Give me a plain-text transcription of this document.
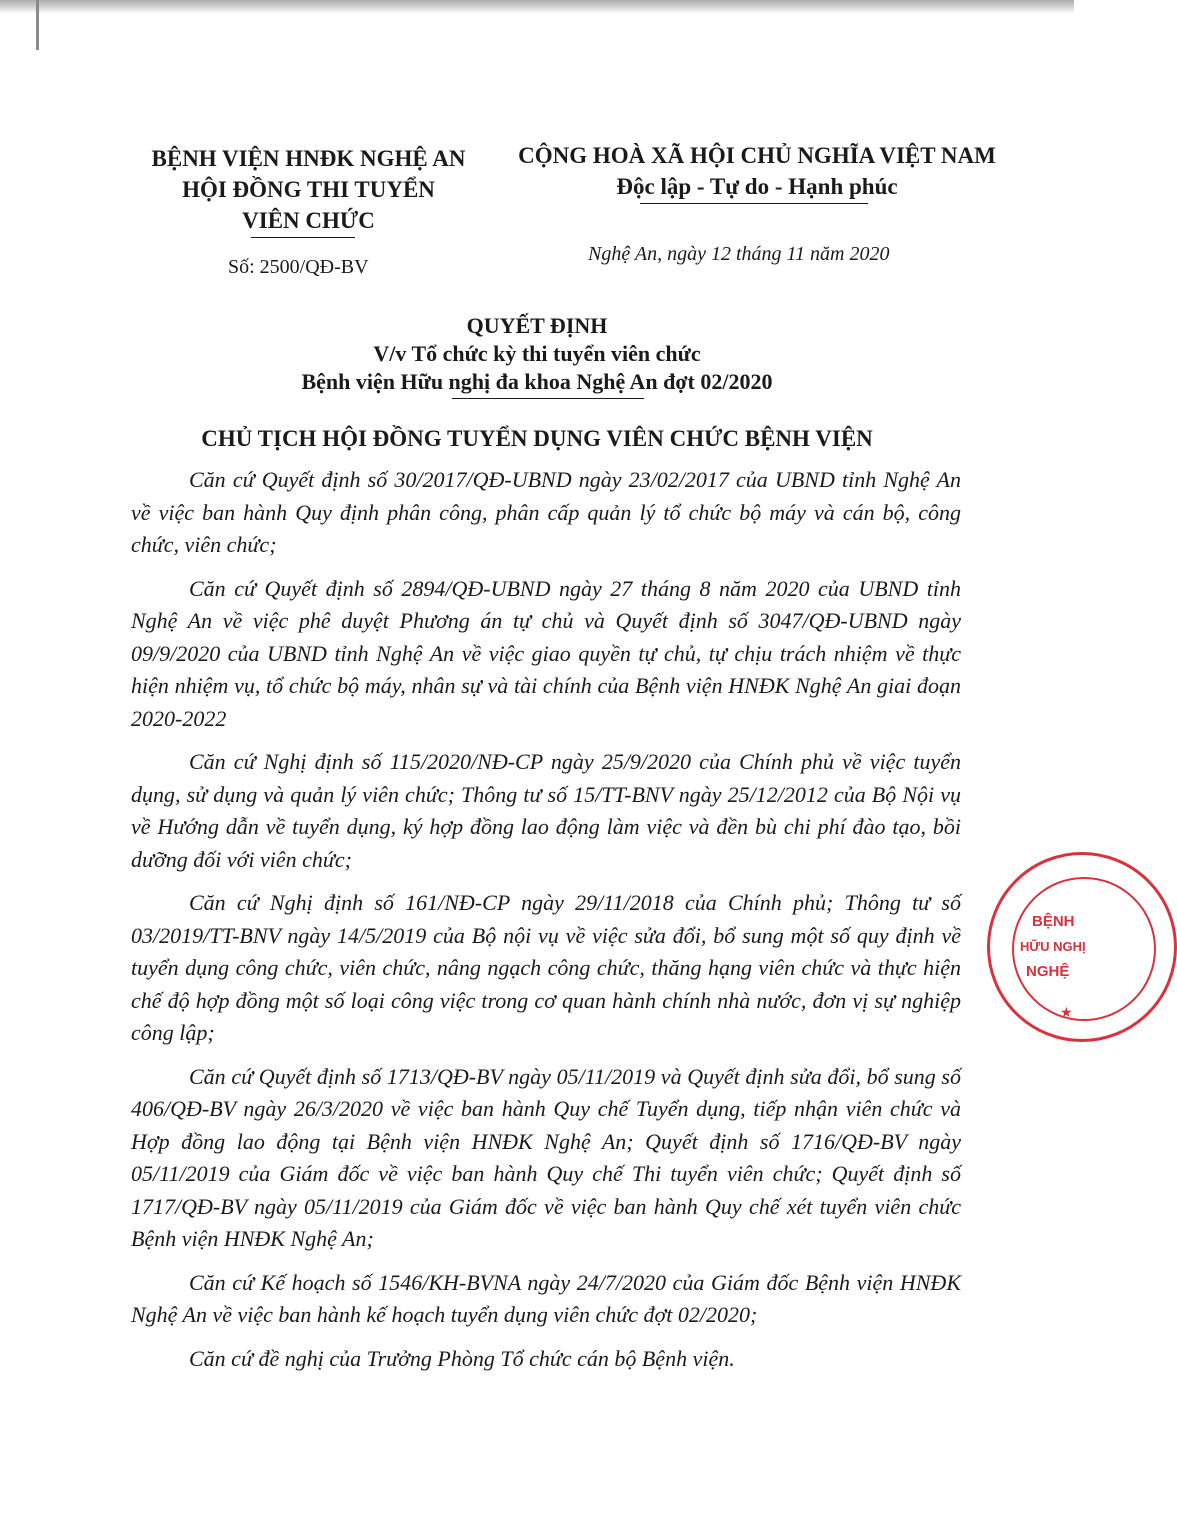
BỆNH VIỆN HNĐK NGHỆ AN
HỘI ĐỒNG THI TUYỂN
VIÊN CHỨC
CỘNG HOÀ XÃ HỘI CHỦ NGHĨA VIỆT NAM
Độc lập - Tự do - Hạnh phúc
Số: 2500/QĐ-BV
Nghệ An, ngày 12 tháng 11 năm 2020
QUYẾT ĐỊNH
V/v Tổ chức kỳ thi tuyển viên chức
Bệnh viện Hữu nghị đa khoa Nghệ An đợt 02/2020
CHỦ TỊCH HỘI ĐỒNG TUYỂN DỤNG VIÊN CHỨC BỆNH VIỆN

Căn cứ Quyết định số 30/2017/QĐ-UBND ngày 23/02/2017 của UBND tỉnh Nghệ An về việc ban hành Quy định phân công, phân cấp quản lý tổ chức bộ máy và cán bộ, công chức, viên chức;

Căn cứ Quyết định số 2894/QĐ-UBND ngày 27 tháng 8 năm 2020 của UBND tỉnh Nghệ An về việc phê duyệt Phương án tự chủ và Quyết định số 3047/QĐ-UBND ngày 09/9/2020 của UBND tỉnh Nghệ An về việc giao quyền tự chủ, tự chịu trách nhiệm về thực hiện nhiệm vụ, tổ chức bộ máy, nhân sự và tài chính của Bệnh viện HNĐK Nghệ An giai đoạn 2020-2022

Căn cứ Nghị định số 115/2020/NĐ-CP ngày 25/9/2020 của Chính phủ về việc tuyển dụng, sử dụng và quản lý viên chức; Thông tư số 15/TT-BNV ngày 25/12/2012 của Bộ Nội vụ về Hướng dẫn về tuyển dụng, ký hợp đồng lao động làm việc và đền bù chi phí đào tạo, bồi dưỡng đối với viên chức;

Căn cứ Nghị định số 161/NĐ-CP ngày 29/11/2018 của Chính phủ; Thông tư số 03/2019/TT-BNV ngày 14/5/2019 của Bộ nội vụ về việc sửa đổi, bổ sung một số quy định về tuyển dụng công chức, viên chức, nâng ngạch công chức, thăng hạng viên chức và thực hiện chế độ hợp đồng một số loại công việc trong cơ quan hành chính nhà nước, đơn vị sự nghiệp công lập;

Căn cứ Quyết định số 1713/QĐ-BV ngày 05/11/2019 và Quyết định sửa đổi, bổ sung số 406/QĐ-BV ngày 26/3/2020 về việc ban hành Quy chế Tuyển dụng, tiếp nhận viên chức và Hợp đồng lao động tại Bệnh viện HNĐK Nghệ An; Quyết định số 1716/QĐ-BV ngày 05/11/2019 của Giám đốc về việc ban hành Quy chế Thi tuyển viên chức; Quyết định số 1717/QĐ-BV ngày 05/11/2019 của Giám đốc về việc ban hành Quy chế xét tuyển viên chức Bệnh viện HNĐK Nghệ An;

Căn cứ Kế hoạch số 1546/KH-BVNA ngày 24/7/2020 của Giám đốc Bệnh viện HNĐK Nghệ An về việc ban hành kế hoạch tuyển dụng viên chức đợt 02/2020;

Căn cứ đề nghị của Trưởng Phòng Tổ chức cán bộ Bệnh viện.

BỆNH
HỮU NGHỊ
NGHỆ
★
